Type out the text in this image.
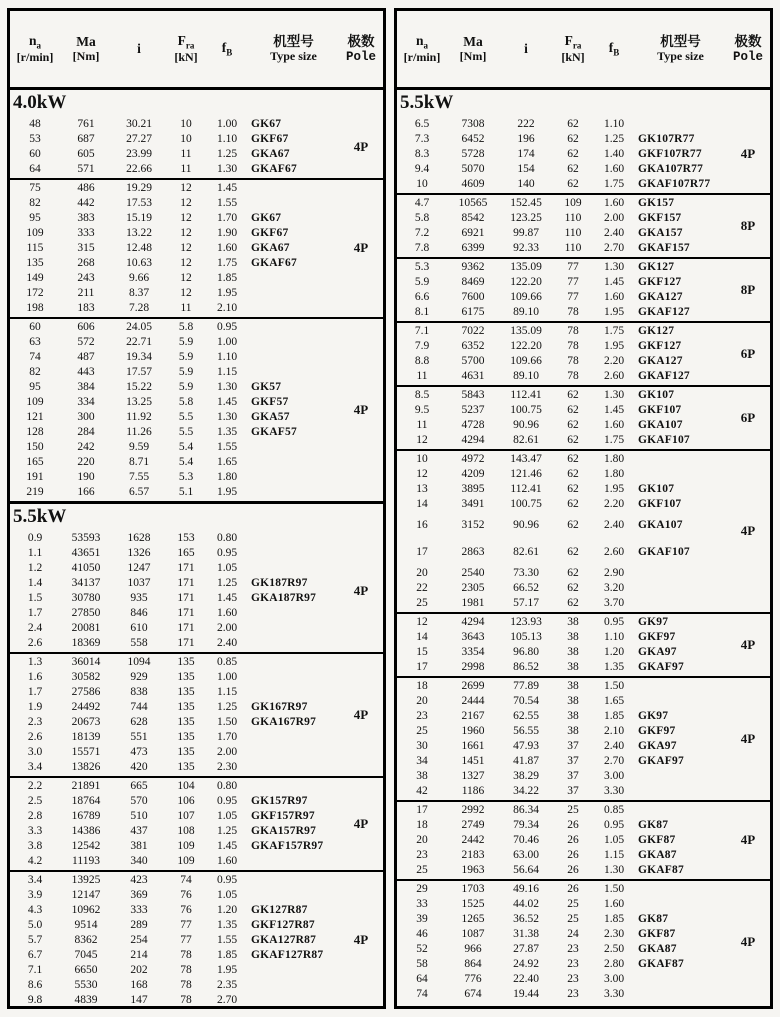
$n_a$
[r/min]
Ma
[Nm]	i
$F_{ra}$
[kN]
$f_B$
机型号
Type size
极数
Pole
4.0kW
48	761	30.21	10	1.00	GK67
53	687	27.27	10	1.10	GKF67
60	605	23.99	11	1.25	GKA67
64	571	22.66	11	1.30	GKAF67
4P
75	486	19.29	12	1.45
82	442	17.53	12	1.55
95	383	15.19	12	1.70	GK67
109	333	13.22	12	1.90	GKF67
115	315	12.48	12	1.60	GKA67
135	268	10.63	12	1.75	GKAF67
149	243	9.66	12	1.85
172	211	8.37	12	1.95
198	183	7.28	11	2.10
4P
60	606	24.05	5.8	0.95
63	572	22.71	5.9	1.00
74	487	19.34	5.9	1.10
82	443	17.57	5.9	1.15
95	384	15.22	5.9	1.30	GK57
109	334	13.25	5.8	1.45	GKF57
121	300	11.92	5.5	1.30	GKA57
128	284	11.26	5.5	1.35	GKAF57
150	242	9.59	5.4	1.55
165	220	8.71	5.4	1.65
191	190	7.55	5.3	1.80
219	166	6.57	5.1	1.95
4P
5.5kW
0.9	53593	1628	153	0.80
1.1	43651	1326	165	0.95
1.2	41050	1247	171	1.05
1.4	34137	1037	171	1.25	GK187R97
1.5	30780	935	171	1.45	GKA187R97
1.7	27850	846	171	1.60
2.4	20081	610	171	2.00
2.6	18369	558	171	2.40
4P
1.3	36014	1094	135	0.85
1.6	30582	929	135	1.00
1.7	27586	838	135	1.15
1.9	24492	744	135	1.25	GK167R97
2.3	20673	628	135	1.50	GKA167R97
2.6	18139	551	135	1.70
3.0	15571	473	135	2.00
3.4	13826	420	135	2.30
4P
2.2	21891	665	104	0.80
2.5	18764	570	106	0.95	GK157R97
2.8	16789	510	107	1.05	GKF157R97
3.3	14386	437	108	1.25	GKA157R97
3.8	12542	381	109	1.45	GKAF157R97
4.2	11193	340	109	1.60
4P
3.4	13925	423	74	0.95
3.9	12147	369	76	1.05
4.3	10962	333	76	1.20	GK127R87
5.0	9514	289	77	1.35	GKF127R87
5.7	8362	254	77	1.55	GKA127R87
6.7	7045	214	78	1.85	GKAF127R87
7.1	6650	202	78	1.95
8.6	5530	168	78	2.35
9.8	4839	147	78	2.70
4P
$n_a$
[r/min]
Ma
[Nm]	i
$F_{ra}$
[kN]
$f_B$
机型号
Type size
极数
Pole
5.5kW
6.5	7308	222	62	1.10
7.3	6452	196	62	1.25	GK107R77
8.3	5728	174	62	1.40	GKF107R77
9.4	5070	154	62	1.60	GKA107R77
10	4609	140	62	1.75	GKAF107R77
4P
4.7	10565	152.45	109	1.60	GK157
5.8	8542	123.25	110	2.00	GKF157
7.2	6921	99.87	110	2.40	GKA157
7.8	6399	92.33	110	2.70	GKAF157
8P
5.3	9362	135.09	77	1.30	GK127
5.9	8469	122.20	77	1.45	GKF127
6.6	7600	109.66	77	1.60	GKA127
8.1	6175	89.10	78	1.95	GKAF127
8P
7.1	7022	135.09	78	1.75	GK127
7.9	6352	122.20	78	1.95	GKF127
8.8	5700	109.66	78	2.20	GKA127
11	4631	89.10	78	2.60	GKAF127
6P
8.5	5843	112.41	62	1.30	GK107
9.5	5237	100.75	62	1.45	GKF107
11	4728	90.96	62	1.60	GKA107
12	4294	82.61	62	1.75	GKAF107
6P
10	4972	143.47	62	1.80
12	4209	121.46	62	1.80
13	3895	112.41	62	1.95	GK107
14	3491	100.75	62	2.20	GKF107
16	3152	90.96	62	2.40	GKA107
17	2863	82.61	62	2.60	GKAF107
20	2540	73.30	62	2.90
22	2305	66.52	62	3.20
25	1981	57.17	62	3.70
4P
12	4294	123.93	38	0.95	GK97
14	3643	105.13	38	1.10	GKF97
15	3354	96.80	38	1.20	GKA97
17	2998	86.52	38	1.35	GKAF97
4P
18	2699	77.89	38	1.50
20	2444	70.54	38	1.65
23	2167	62.55	38	1.85	GK97
25	1960	56.55	38	2.10	GKF97
30	1661	47.93	37	2.40	GKA97
34	1451	41.87	37	2.70	GKAF97
38	1327	38.29	37	3.00
42	1186	34.22	37	3.30
4P
17	2992	86.34	25	0.85
18	2749	79.34	26	0.95	GK87
20	2442	70.46	26	1.05	GKF87
23	2183	63.00	26	1.15	GKA87
25	1963	56.64	26	1.30	GKAF87
4P
29	1703	49.16	26	1.50
33	1525	44.02	25	1.60
39	1265	36.52	25	1.85	GK87
46	1087	31.38	24	2.30	GKF87
52	966	27.87	23	2.50	GKA87
58	864	24.92	23	2.80	GKAF87
64	776	22.40	23	3.00
74	674	19.44	23	3.30
4P
